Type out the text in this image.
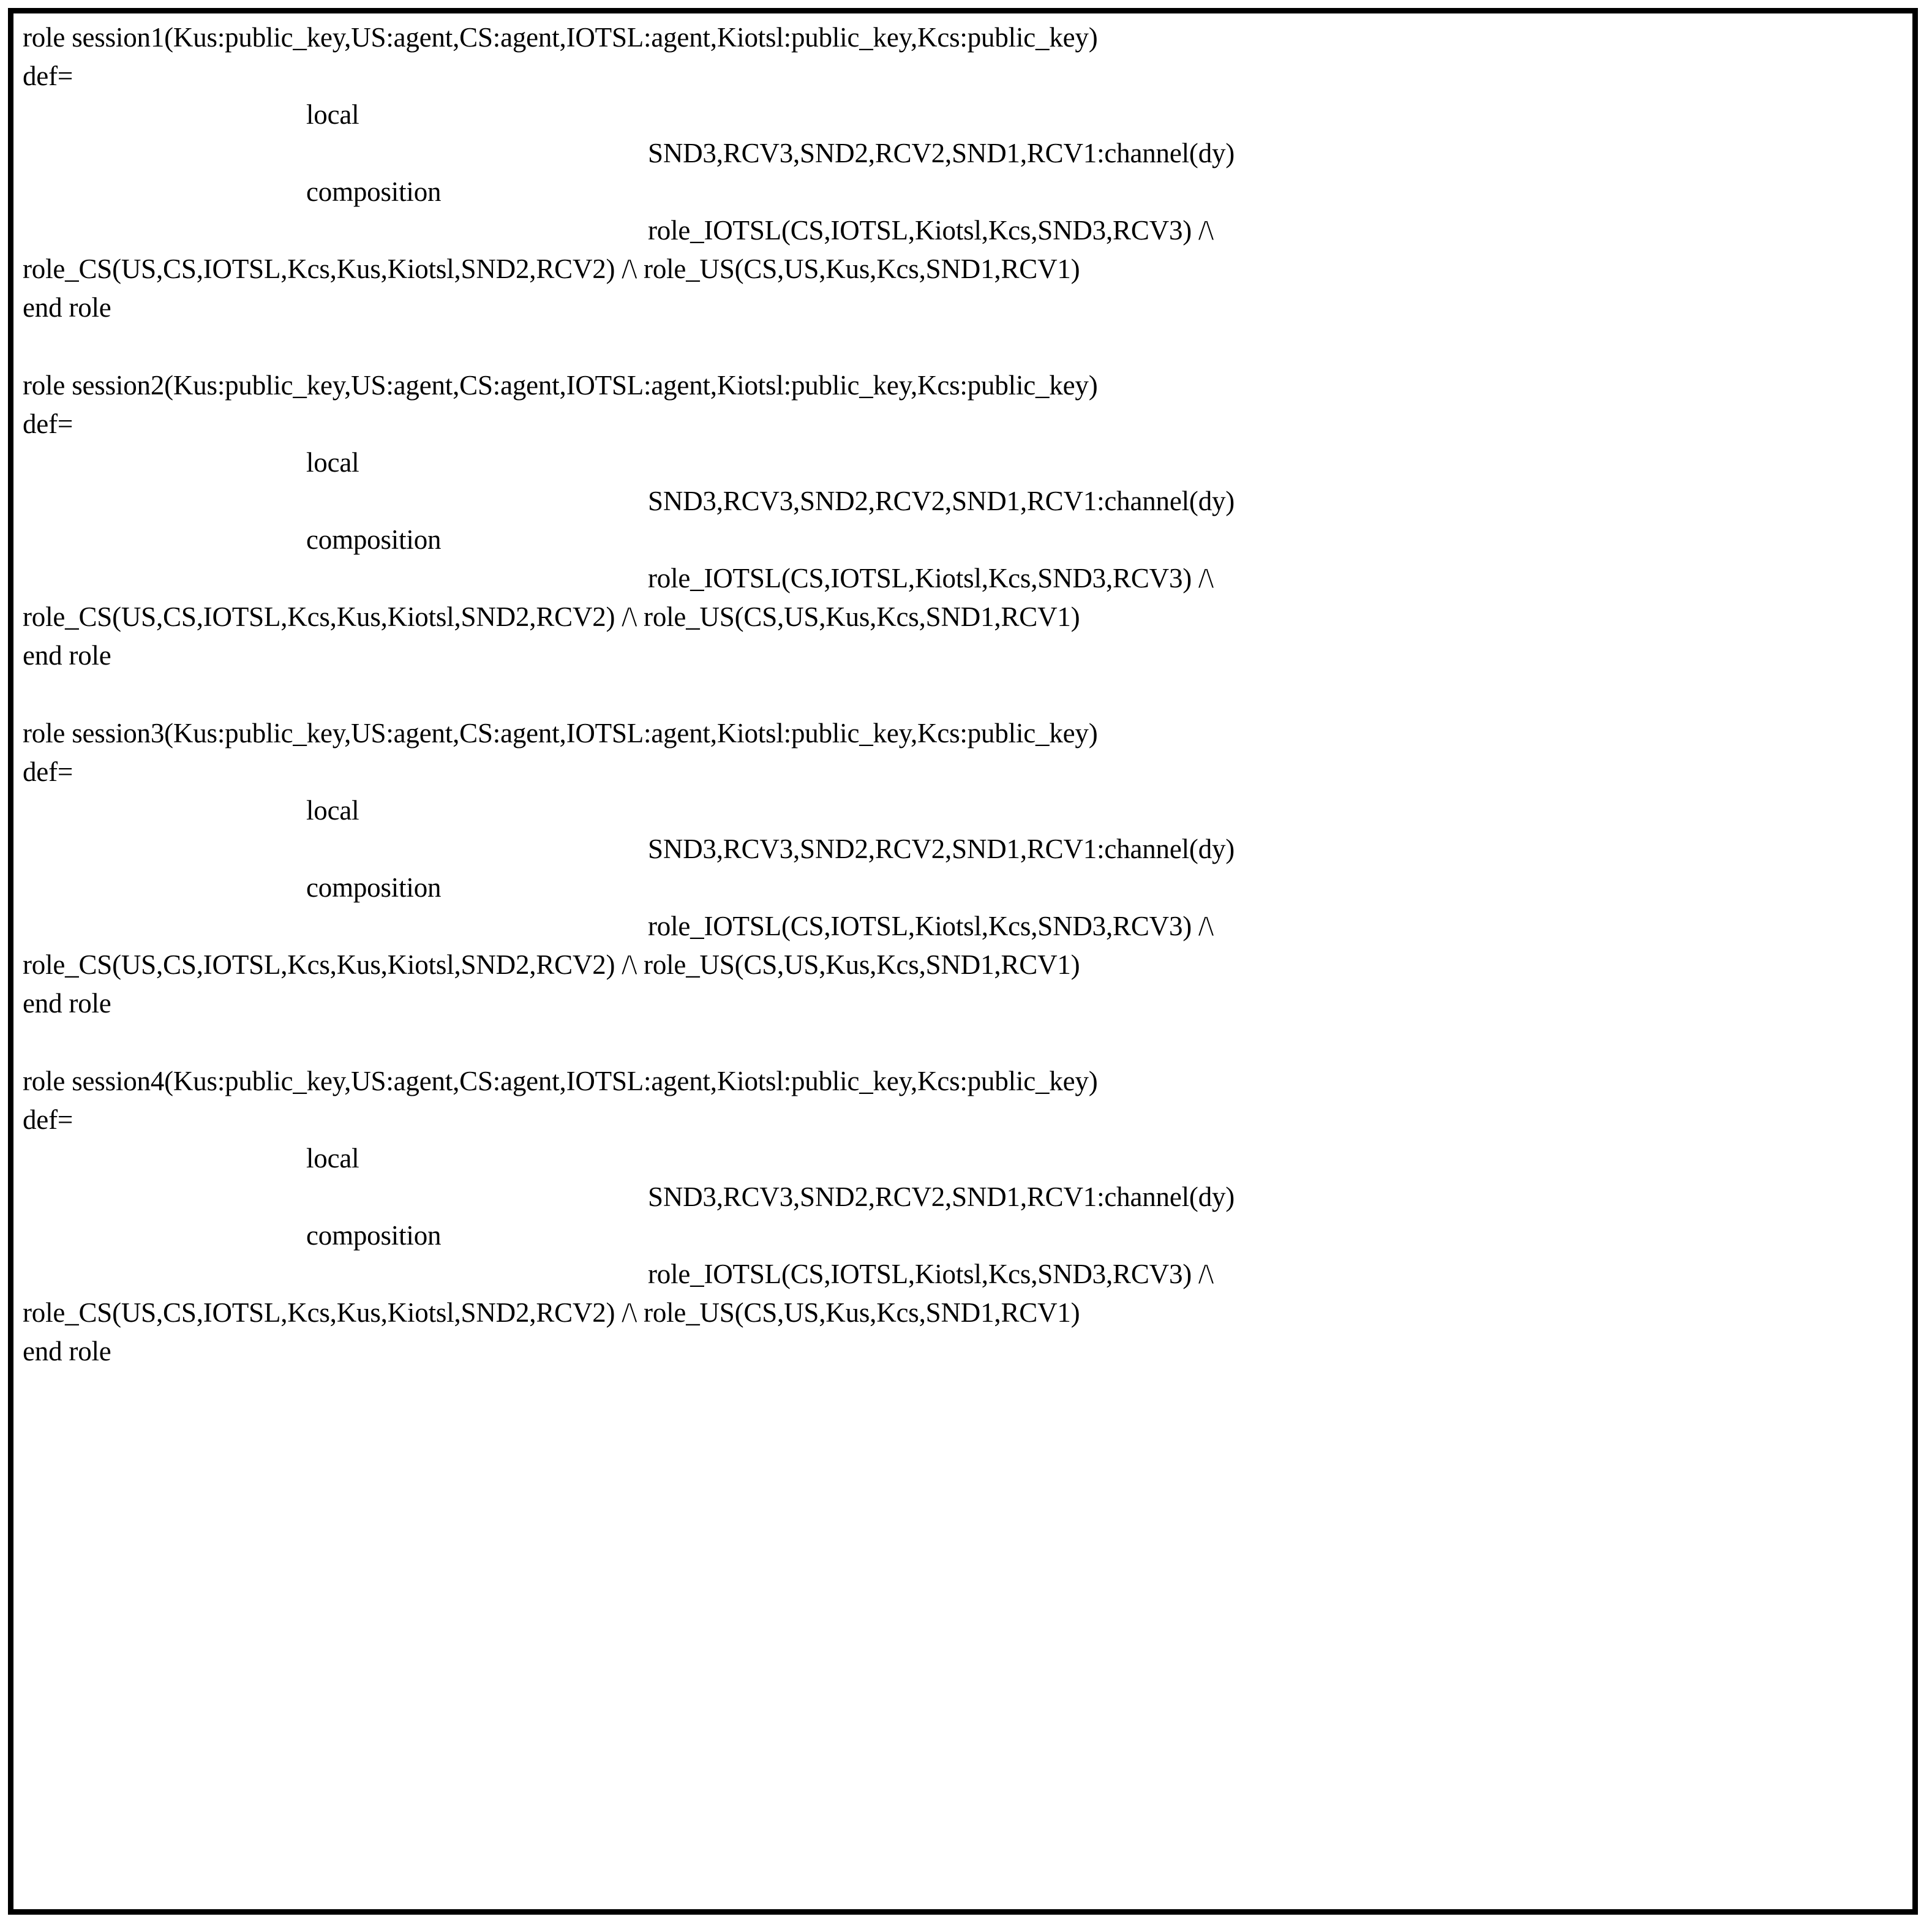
role session1(Kus:public_key,US:agent,CS:agent,IOTSL:agent,Kiotsl:public_key,Kcs:public_key)
def=
local
SND3,RCV3,SND2,RCV2,SND1,RCV1:channel(dy)
composition
role_IOTSL(CS,IOTSL,Kiotsl,Kcs,SND3,RCV3) /\
role_CS(US,CS,IOTSL,Kcs,Kus,Kiotsl,SND2,RCV2) /\ role_US(CS,US,Kus,Kcs,SND1,RCV1)
end role
role session2(Kus:public_key,US:agent,CS:agent,IOTSL:agent,Kiotsl:public_key,Kcs:public_key)
def=
local
SND3,RCV3,SND2,RCV2,SND1,RCV1:channel(dy)
composition
role_IOTSL(CS,IOTSL,Kiotsl,Kcs,SND3,RCV3) /\
role_CS(US,CS,IOTSL,Kcs,Kus,Kiotsl,SND2,RCV2) /\ role_US(CS,US,Kus,Kcs,SND1,RCV1)
end role
role session3(Kus:public_key,US:agent,CS:agent,IOTSL:agent,Kiotsl:public_key,Kcs:public_key)
def=
local
SND3,RCV3,SND2,RCV2,SND1,RCV1:channel(dy)
composition
role_IOTSL(CS,IOTSL,Kiotsl,Kcs,SND3,RCV3) /\
role_CS(US,CS,IOTSL,Kcs,Kus,Kiotsl,SND2,RCV2) /\ role_US(CS,US,Kus,Kcs,SND1,RCV1)
end role
role session4(Kus:public_key,US:agent,CS:agent,IOTSL:agent,Kiotsl:public_key,Kcs:public_key)
def=
local
SND3,RCV3,SND2,RCV2,SND1,RCV1:channel(dy)
composition
role_IOTSL(CS,IOTSL,Kiotsl,Kcs,SND3,RCV3) /\
role_CS(US,CS,IOTSL,Kcs,Kus,Kiotsl,SND2,RCV2) /\ role_US(CS,US,Kus,Kcs,SND1,RCV1)
end role
